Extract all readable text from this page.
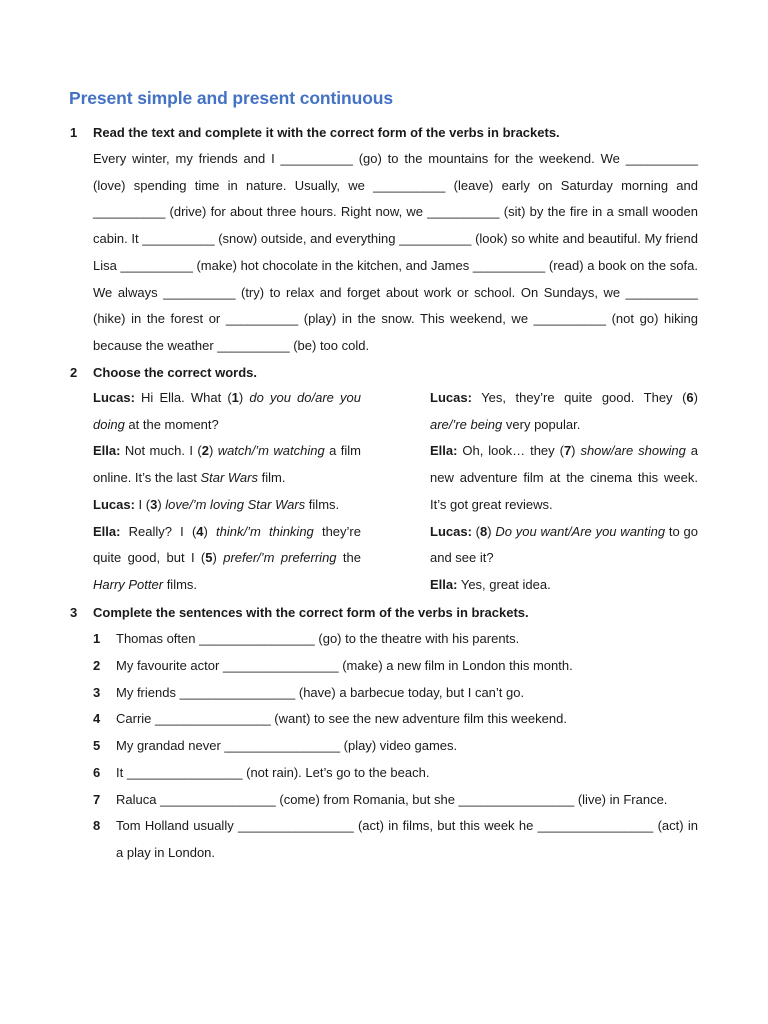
Present simple and present continuous
1 Read the text and complete it with the correct form of the verbs in brackets.

Every winter, my friends and I __________ (go) to the mountains for the weekend. We __________ (love) spending time in nature. Usually, we __________ (leave) early on Saturday morning and __________ (drive) for about three hours. Right now, we __________ (sit) by the fire in a small wooden cabin. It __________ (snow) outside, and everything __________ (look) so white and beautiful. My friend Lisa __________ (make) hot chocolate in the kitchen, and James __________ (read) a book on the sofa. We always __________ (try) to relax and forget about work or school. On Sundays, we __________ (hike) in the forest or __________ (play) in the snow. This weekend, we __________ (not go) hiking because the weather __________ (be) too cold.

2 Choose the correct words.

Lucas: Hi Ella. What (1) do you do/are you doing at the moment?

Ella: Not much. I (2) watch/’m watching a film online. It’s the last Star Wars film.

Lucas: I (3) love/’m loving Star Wars films.

Ella: Really? I (4) think/’m thinking they’re quite good, but I (5) prefer/’m preferring the Harry Potter films.

Lucas: Yes, they’re quite good. They (6) are/’re being very popular.

Ella: Oh, look… they (7) show/are showing a new adventure film at the cinema this week. It’s got great reviews.

Lucas: (8) Do you want/Are you wanting to go and see it?

Ella: Yes, great idea.

3 Complete the sentences with the correct form of the verbs in brackets.
1 Thomas often ________________ (go) to the theatre with his parents.
2 My favourite actor ________________ (make) a new film in London this month.
3 My friends ________________ (have) a barbecue today, but I can’t go.
4 Carrie ________________ (want) to see the new adventure film this weekend.
5 My grandad never ________________ (play) video games.
6 It ________________ (not rain). Let’s go to the beach.
7 Raluca ________________ (come) from Romania, but she ________________ (live) in France.
8 Tom Holland usually ________________ (act) in films, but this week he ________________ (act) in a play in London.
